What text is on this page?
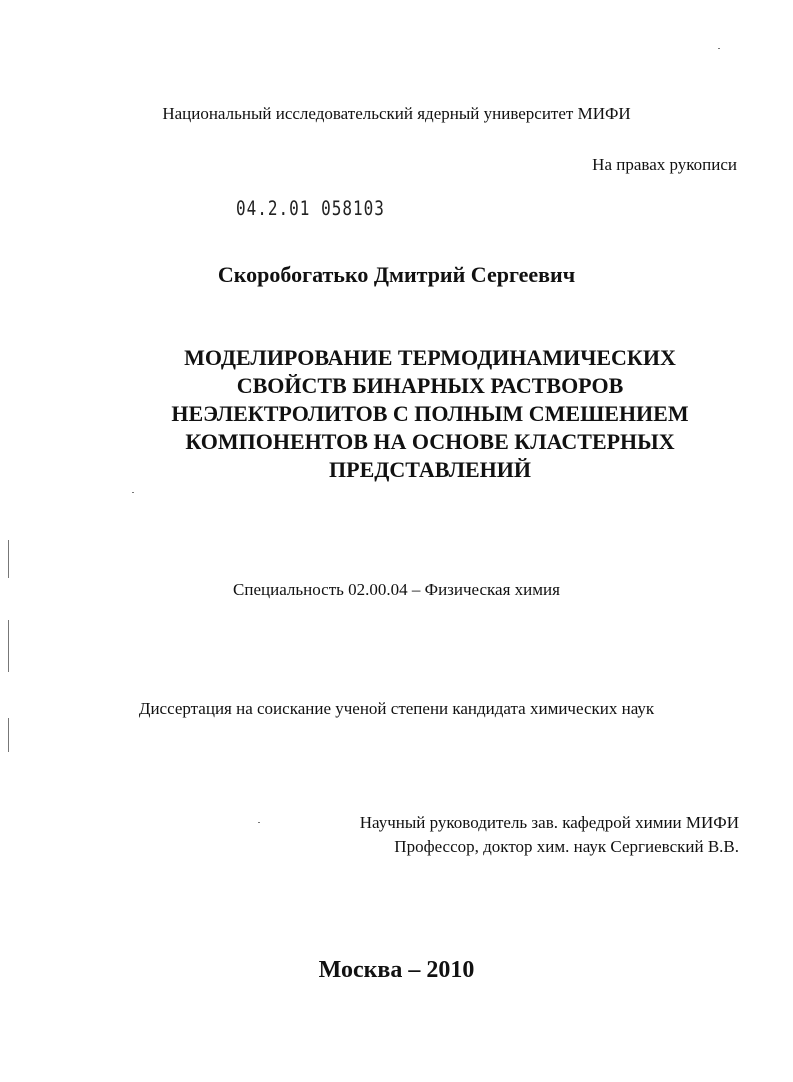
Национальный исследовательский ядерный университет МИФИ
На правах рукописи
04.2.01 058103
Скоробогатько Дмитрий Сергеевич
МОДЕЛИРОВАНИЕ ТЕРМОДИНАМИЧЕСКИХ
СВОЙСТВ БИНАРНЫХ РАСТВОРОВ
НЕЭЛЕКТРОЛИТОВ С ПОЛНЫМ СМЕШЕНИЕМ
КОМПОНЕНТОВ НА ОСНОВЕ КЛАСТЕРНЫХ
ПРЕДСТАВЛЕНИЙ
Специальность 02.00.04 – Физическая химия
Диссертация на соискание ученой степени кандидата химических наук
Научный руководитель зав. кафедрой химии МИФИ
Профессор, доктор хим. наук Сергиевский В.В.
Москва – 2010
